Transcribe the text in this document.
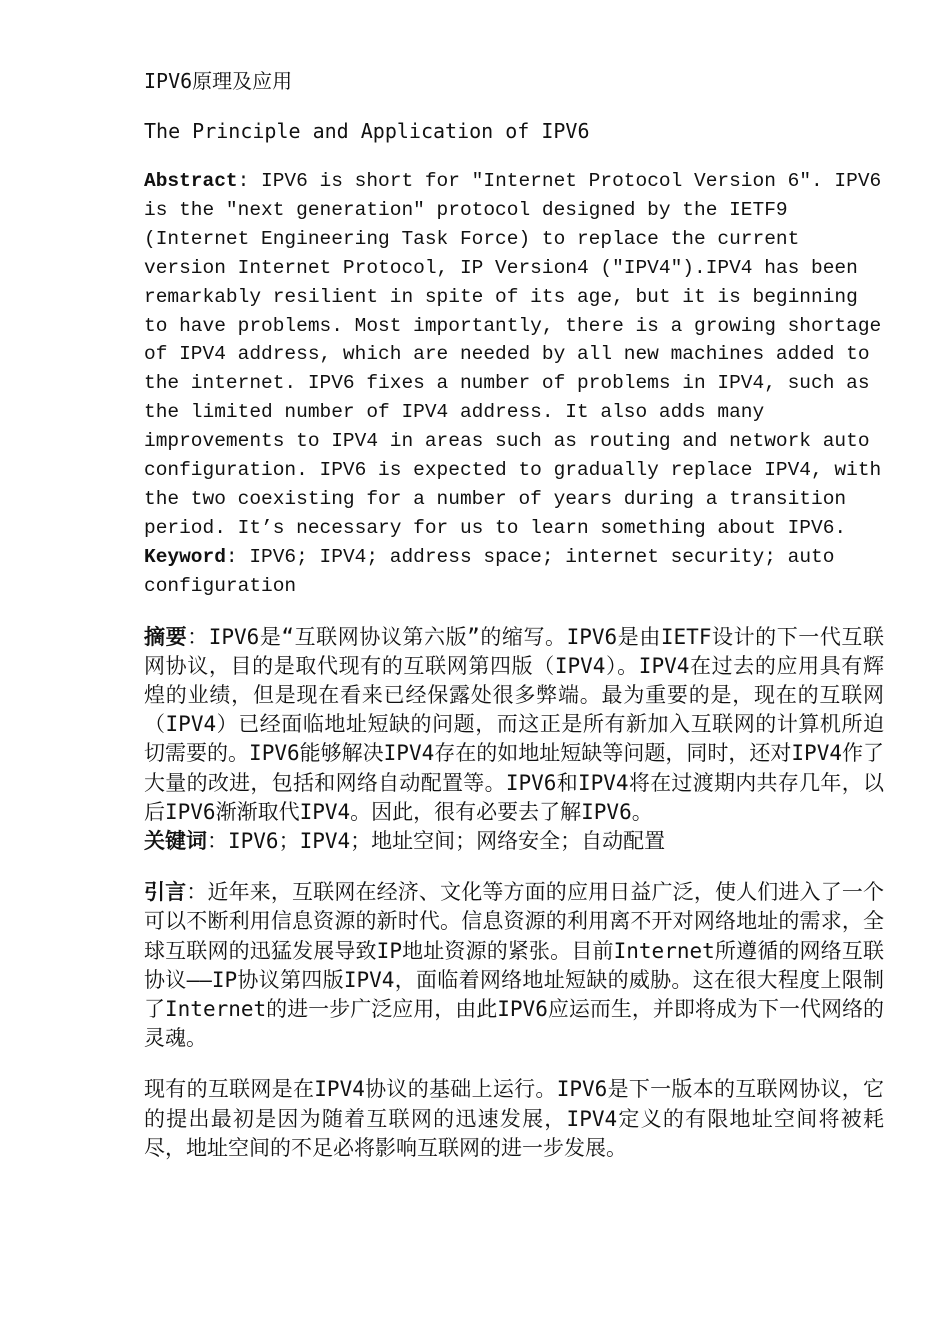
IPV6原理及应用
The Principle and Application of IPV6

Abstract: IPV6 is short for "Internet Protocol Version 6". IPV6 is the "next generation" protocol designed by the IETF9 (Internet Engineering Task Force) to replace the current version Internet Protocol, IP Version4 ("IPV4").IPV4 has been remarkably resilient in spite of its age, but it is beginning to have problems. Most importantly, there is a growing shortage of IPV4 address, which are needed by all new machines added to the internet. IPV6 fixes a number of problems in IPV4, such as the limited number of IPV4 address. It also adds many improvements to IPV4 in areas such as routing and network auto configuration. IPV6 is expected to gradually replace IPV4, with the two coexisting for a number of years during a transition period. It’s necessary for us to learn something about IPV6.

Keyword: IPV6; IPV4; address space; internet security; auto configuration

摘要：IPV6是“互联网协议第六版”的缩写。IPV6是由IETF设计的下一代互联网协议，目的是取代现有的互联网第四版（IPV4）。IPV4在过去的应用具有辉煌的业绩，但是现在看来已经保露处很多弊端。最为重要的是，现在的互联网（IPV4）已经面临地址短缺的问题，而这正是所有新加入互联网的计算机所迫切需要的。IPV6能够解决IPV4存在的如地址短缺等问题，同时，还对IPV4作了大量的改进，包括和网络自动配置等。IPV6和IPV4将在过渡期内共存几年，以后IPV6渐渐取代IPV4。因此，很有必要去了解IPV6。

关键词：IPV6；IPV4；地址空间；网络安全；自动配置

引言：近年来，互联网在经济、文化等方面的应用日益广泛，使人们进入了一个可以不断利用信息资源的新时代。信息资源的利用离不开对网络地址的需求，全球互联网的迅猛发展导致IP地址资源的紧张。目前Internet所遵循的网络互联协议——IP协议第四版IPV4，面临着网络地址短缺的威胁。这在很大程度上限制了Internet的进一步广泛应用，由此IPV6应运而生，并即将成为下一代网络的灵魂。

现有的互联网是在IPV4协议的基础上运行。IPV6是下一版本的互联网协议，它的提出最初是因为随着互联网的迅速发展，IPV4定义的有限地址空间将被耗尽，地址空间的不足必将影响互联网的进一步发展。
